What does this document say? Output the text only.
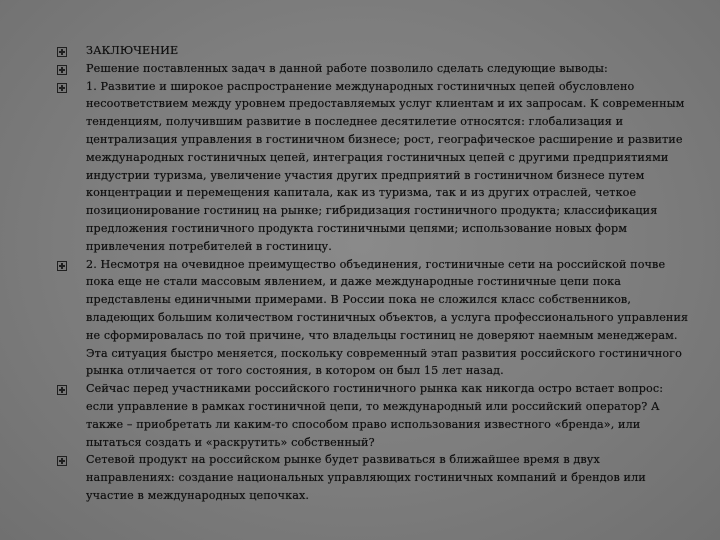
ЗАКЛЮЧЕНИЕ
Решение поставленных задач в данной работе позволило сделать следующие выводы:
1. Развитие и широкое распространение международных гостиничных цепей обусловлено несоответствием между уровнем предоставляемых услуг клиентам и их запросам. К современным тенденциям, получившим развитие в последнее десятилетие относятся: глобализация и централизация управления в гостиничном бизнесе; рост, географическое расширение и развитие международных гостиничных цепей, интеграция гостиничных цепей с другими предприятиями индустрии туризма, увеличение участия других предприятий в гостиничном бизнесе путем концентрации и перемещения капитала, как из туризма, так и из других отраслей, четкое позиционирование гостиниц на рынке; гибридизация гостиничного продукта; классификация предложения гостиничного продукта гостиничными цепями; использование новых форм привлечения потребителей в гостиницу.
2. Несмотря на очевидное преимущество объединения, гостиничные сети на российской почве пока еще не стали массовым явлением, и даже международные гостиничные цепи пока представлены единичными примерами. В России пока не сложился класс собственников, владеющих большим количеством гостиничных объектов, а услуга профессионального управления не сформировалась по той причине, что владельцы гостиниц не доверяют наемным менеджерам. Эта ситуация быстро меняется, поскольку современный этап развития российского гостиничного рынка отличается от того состояния, в котором он был 15 лет назад.
Сейчас перед участниками российского гостиничного рынка как никогда остро встает вопрос: если управление в рамках гостиничной цепи, то международный или российский оператор? А также – приобретать ли каким-то способом право использования известного «бренда», или пытаться создать и «раскрутить» собственный?
Сетевой продукт на российском рынке будет развиваться в ближайшее время в двух направлениях: создание национальных управляющих гостиничных компаний и брендов или участие в международных цепочках.
